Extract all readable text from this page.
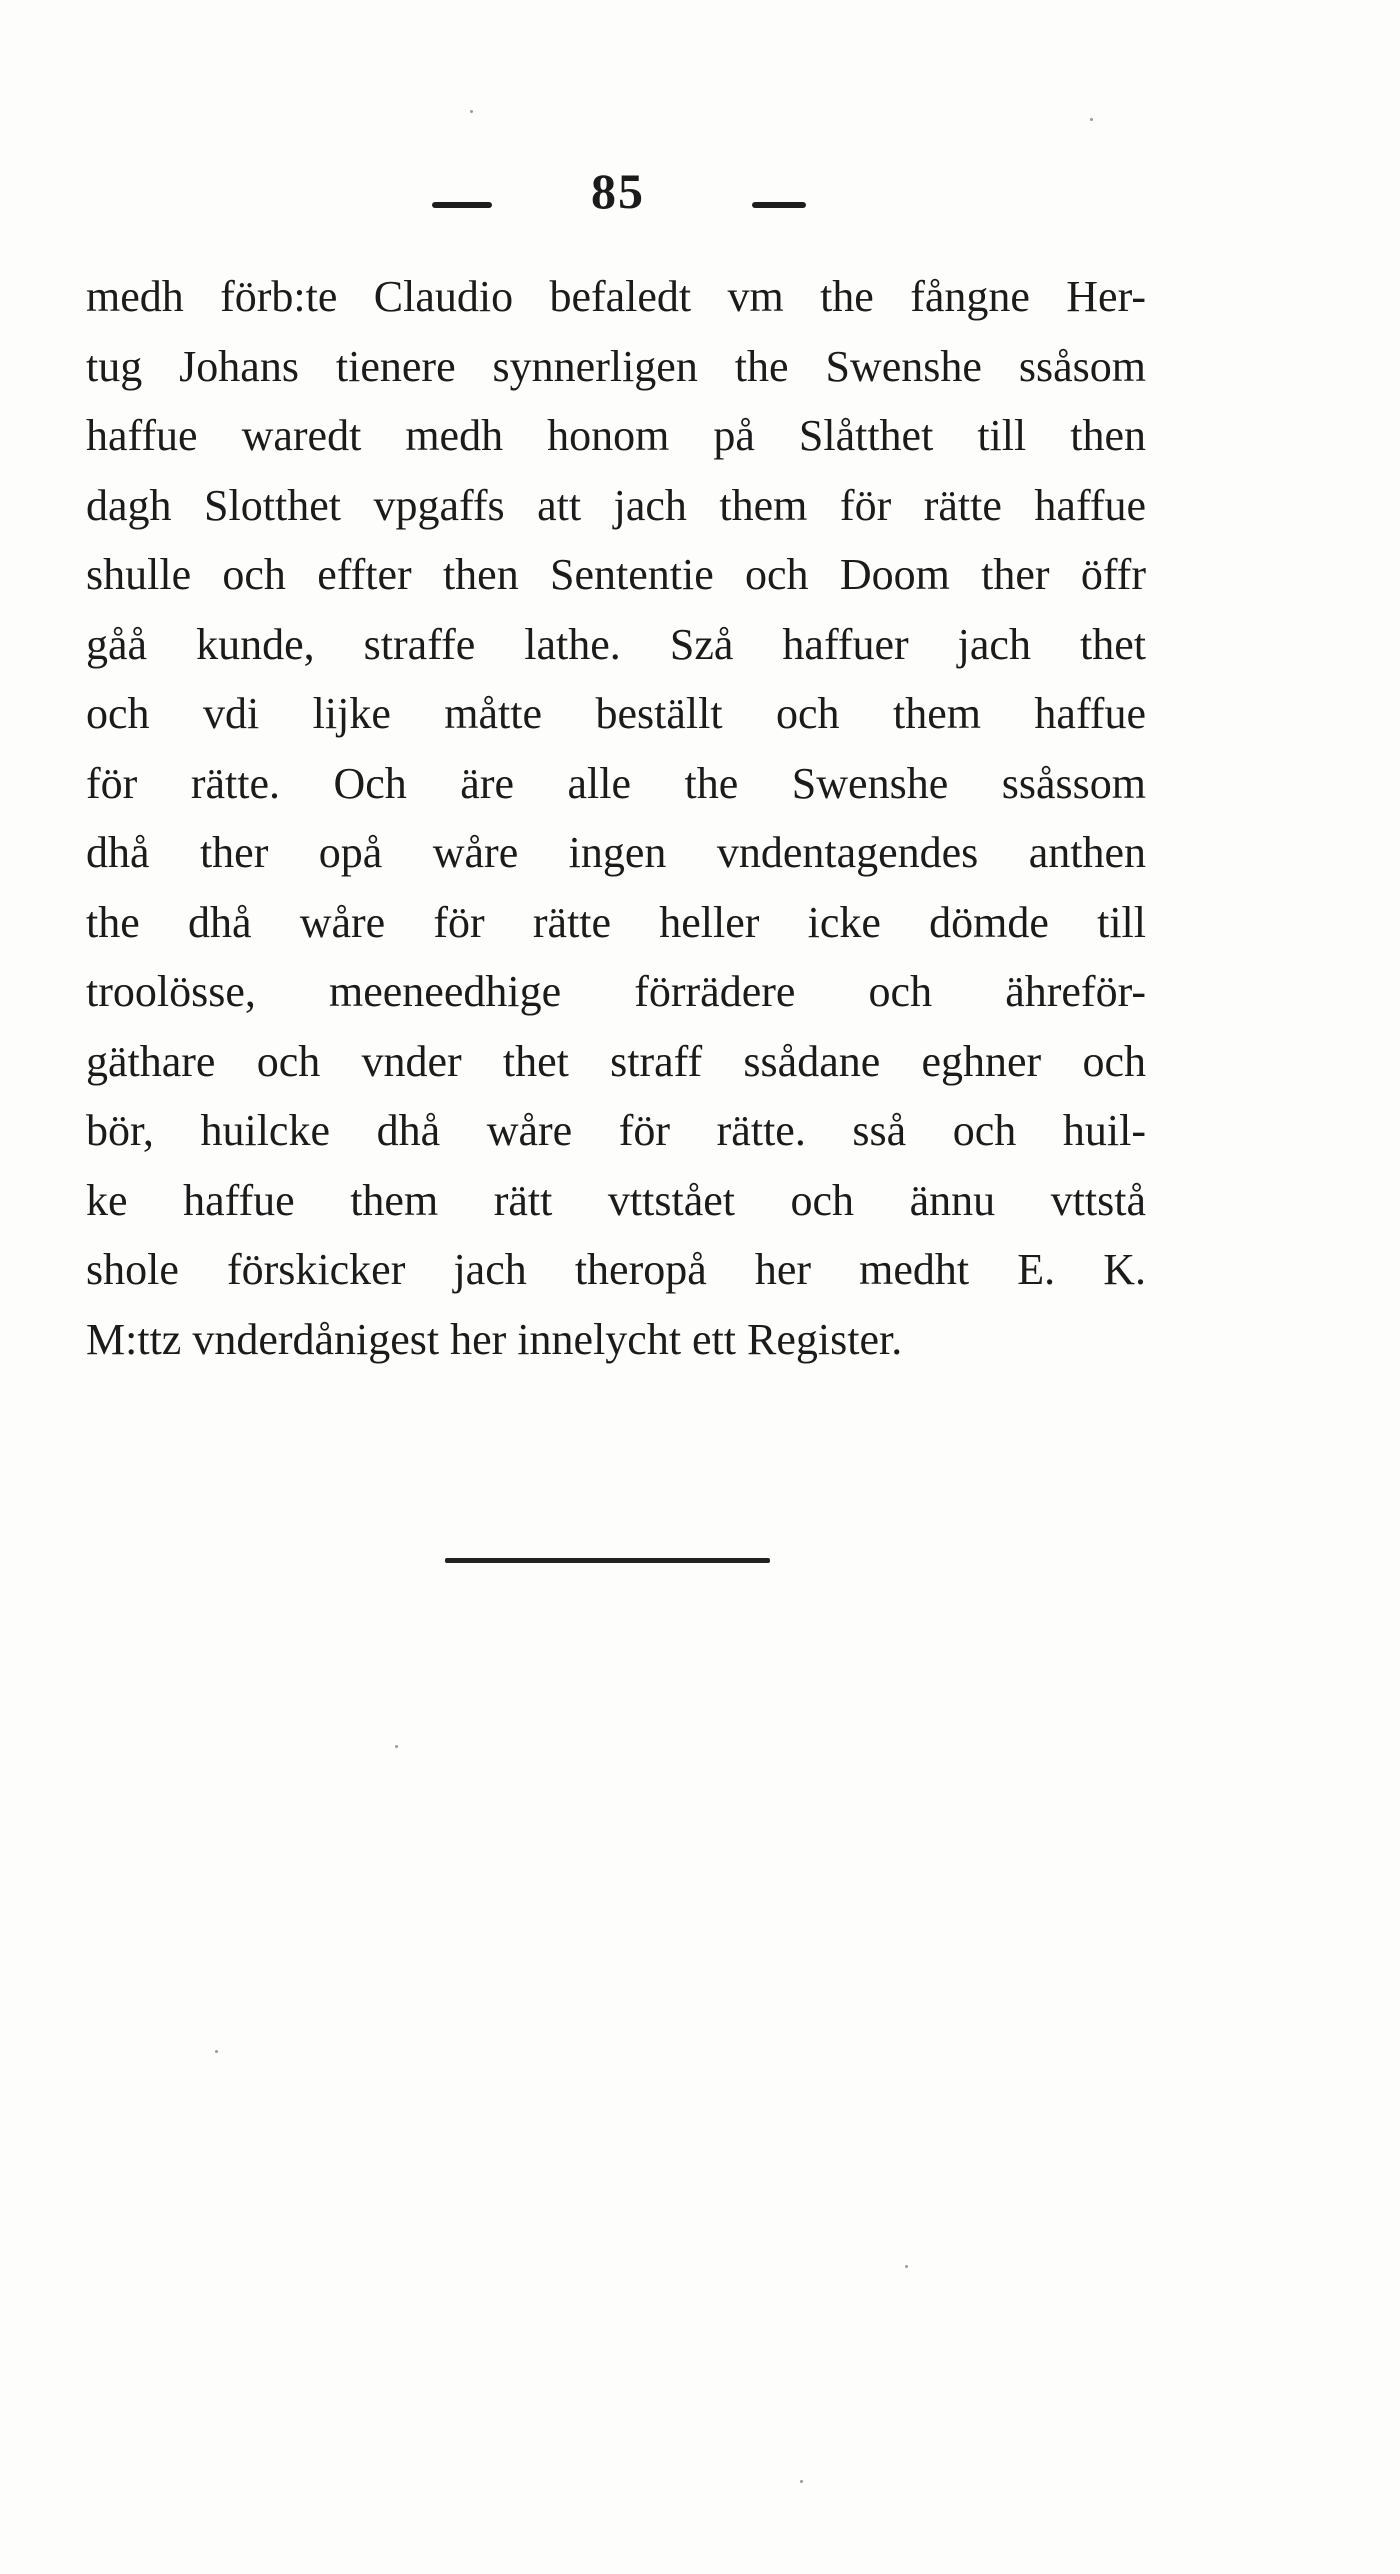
85
medh förb:te Claudio befaledt vm the fångne Her-
tug Johans tienere synnerligen the Swenshe ssåsom
haffue waredt medh honom på Slåtthet till then
dagh Slotthet vpgaffs att jach them för rätte haffue
shulle och effter then Sententie och Doom ther öffr
gåå kunde, straffe lathe. Szå haffuer jach thet
och vdi lijke måtte beställt och them haffue
för rätte. Och äre alle the Swenshe ssåssom
dhå ther opå wåre ingen vndentagendes anthen
the dhå wåre för rätte heller icke dömde till
troolösse, meeneedhige förrädere och ähreför-
gäthare och vnder thet straff ssådane eghner och
bör, huilcke dhå wåre för rätte. sså och huil-
ke haffue them rätt vttstået och ännu vttstå
shole förskicker jach theropå her medht E. K.
M:ttz vnderdånigest her innelycht ett Register.
